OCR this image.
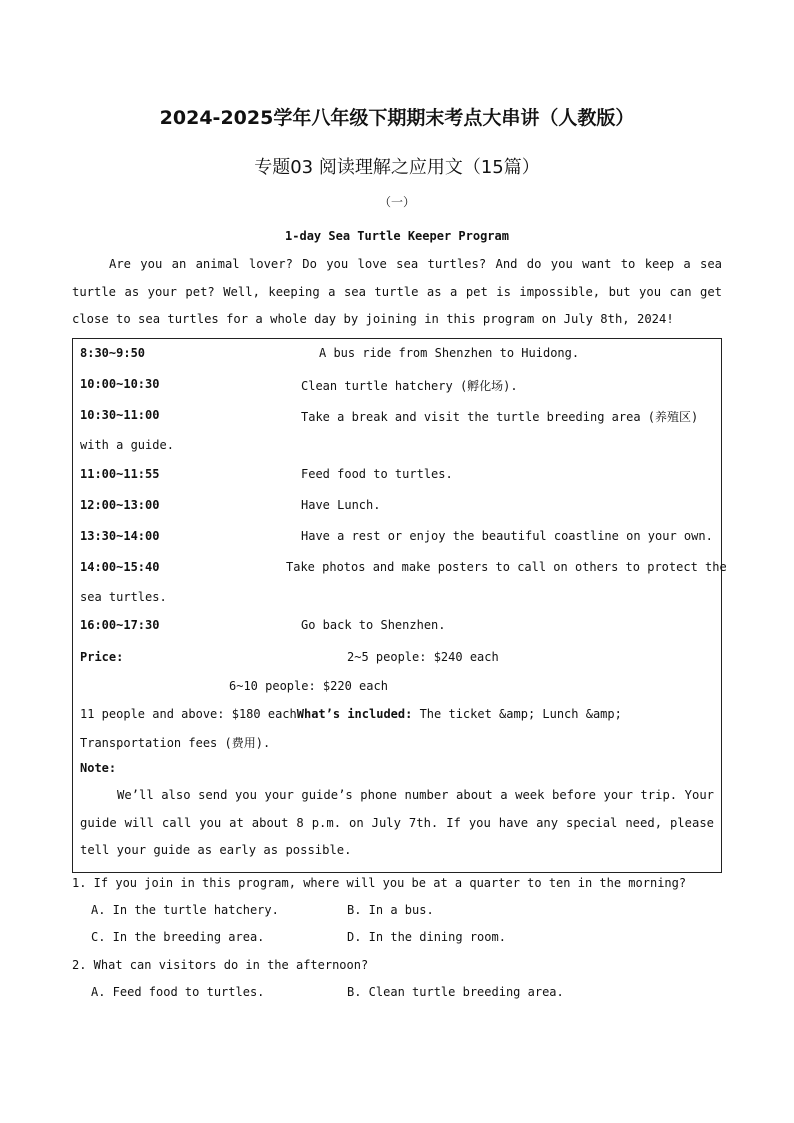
2024-2025学年八年级下期期末考点大串讲（人教版）
专题03 阅读理解之应用文（15篇）
（一）
1-day Sea Turtle Keeper Program
Are you an animal lover? Do you love sea turtles? And do you want to keep a sea turtle as your pet? Well, keeping a sea turtle as a pet is impossible, but you can get close to sea turtles for a whole day by joining in this program on July 8th, 2024!
8:30~9:50	A bus ride from Shenzhen to Huidong.
10:00~10:30	Clean turtle hatchery (孵化场).
10:30~11:00	Take a break and visit the turtle breeding area (养殖区)
with a guide.
11:00~11:55	Feed food to turtles.
12:00~13:00	Have Lunch.
13:30~14:00	Have a rest or enjoy the beautiful coastline on your own.
14:00~15:40	Take photos and make posters to call on others to protect the
sea turtles.
16:00~17:30	Go back to Shenzhen.
Price:	2~5 people: $240 each
6~10 people: $220 each
11 people and above: $180 eachWhat’s included: The ticket &amp; Lunch &amp;
Transportation fees (费用).
Note:
We’ll also send you your guide’s phone number about a week before your trip. Your guide will call you at about 8 p.m. on July 7th. If you have any special need, please tell your guide as early as possible.
1. If you join in this program, where will you be at a quarter to ten in the morning?
A. In the turtle hatchery.	B. In a bus.
C. In the breeding area.	D. In the dining room.
2. What can visitors do in the afternoon?
A. Feed food to turtles.	B. Clean turtle breeding area.
